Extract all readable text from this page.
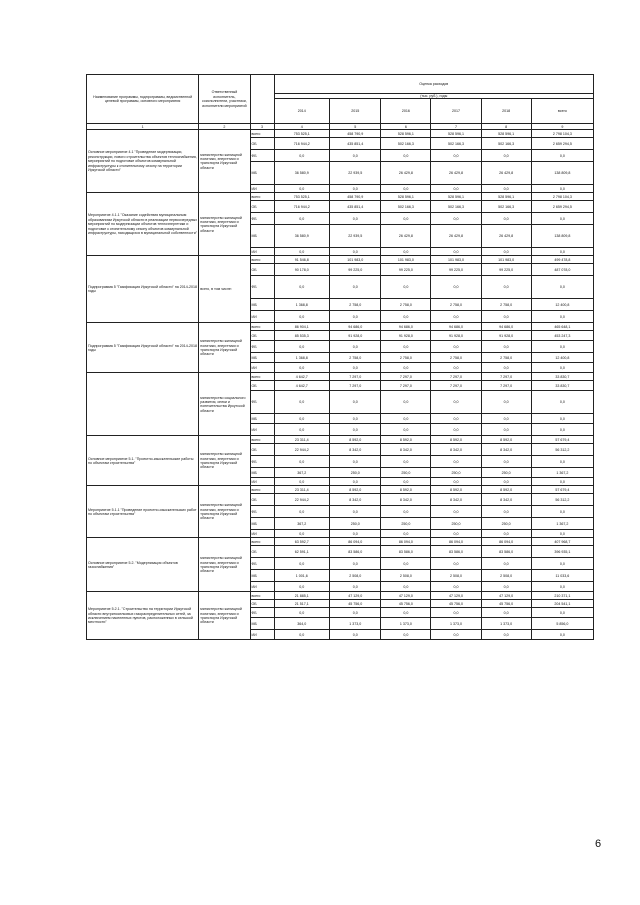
Наименование программы, подпрограммы, ведомственной целевой программы, основного мероприятия	Ответственный исполнитель, соисполнители, участники, исполнители мероприятий		Оценка расходов					
			(тыс. руб.), годы					
			2014	2015	2016	2017	2018	всего
1	2	3	4	5	6	7	8	9
Основное мероприятие 4.1 "Проведение модернизации, реконструкции, нового строительства объектов теплоснабжения, мероприятий по подготовке объектов коммунальной инфраструктуры к отопительному сезону на территории Иркутской области"	министерство жилищной политики, энергетики и транспорта Иркутской области	всего	753 525,1	458 790,9	528 596,1	528 596,1	528 596,1	2 798 104,3
		ОБ	716 944,2	435 851,4	502 166,3	502 166,3	502 166,3	2 659 294,5
		ФБ	0,0	0,0	0,0	0,0	0,0	0,0
		МБ	36 580,9	22 939,5	26 429,8	26 429,8	26 429,8	138 809,8
		ИИ	0,0	0,0	0,0	0,0	0,0	0,0
Мероприятие 4.1.1 "Оказание содействия муниципальным образованиям Иркутской области в реализации первоочередных мероприятий по модернизации объектов теплоэнергетики и подготовке к отопительному сезону объектов коммунальной инфраструктуры, находящихся в муниципальной собственности"	министерство жилищной политики, энергетики и транспорта Иркутской области	всего	753 525,1	458 790,9	528 596,1	528 596,1	528 596,1	2 798 104,3
		ОБ	716 944,2	435 851,4	502 166,3	502 166,3	502 166,3	2 659 294,5
		ФБ	0,0	0,0	0,0	0,0	0,0	0,0
		МБ	36 580,9	22 939,5	26 429,8	26 429,8	26 429,8	138 809,8
		ИИ	0,0	0,0	0,0	0,0	0,0	0,0
Подпрограмма 5 "Газификация Иркутской области" на 2014-2018 годы	всего, в том числе:	всего	91 546,8	101 983,0	101 983,0	101 983,0	101 983,0	499 478,8
		ОБ	90 178,0	99 225,0	99 225,0	99 225,0	99 225,0	487 078,0
		ФБ	0,0	0,0	0,0	0,0	0,0	0,0
		МБ	1 368,8	2 758,0	2 758,0	2 758,0	2 758,0	12 400,8
		ИИ	0,0	0,0	0,0	0,0	0,0	0,0
Подпрограмма 5 "Газификация Иркутской области" на 2014-2018 годы	министерство жилищной политики, энергетики и транспорта Иркутской области	всего	86 904,1	94 686,0	94 686,0	94 686,0	94 686,0	465 648,1
		ОБ	85 535,3	91 928,0	91 928,0	91 928,0	91 928,0	453 247,3
		ФБ	0,0	0,0	0,0	0,0	0,0	0,0
		МБ	1 368,8	2 758,0	2 758,0	2 758,0	2 758,0	12 400,8
		ИИ	0,0	0,0	0,0	0,0	0,0	0,0
	министерство социального развития, опеки и попечительства Иркутской области	всего	4 642,7	7 297,0	7 297,0	7 297,0	7 297,0	33 830,7
		ОБ	4 642,7	7 297,0	7 297,0	7 297,0	7 297,0	33 830,7
		ФБ	0,0	0,0	0,0	0,0	0,0	0,0
		МБ	0,0	0,0	0,0	0,0	0,0	0,0
		ИИ	0,0	0,0	0,0	0,0	0,0	0,0
Основное мероприятие 5.1. "Проектно-изыскательские работы по объектам строительства"	министерство жилищной политики, энергетики и транспорта Иркутской области	всего	23 311,4	8 592,0	8 592,0	8 592,0	8 592,0	57 679,4
		ОБ	22 944,2	8 342,0	8 342,0	8 342,0	8 342,0	56 312,2
		ФБ	0,0	0,0	0,0	0,0	0,0	0,0
		МБ	367,2	250,0	250,0	250,0	250,0	1 367,2
		ИИ	0,0	0,0	0,0	0,0	0,0	0,0
Мероприятие 5.1.1 "Проведение проектно-изыскательских работ по объектам строительства"	министерство жилищной политики, энергетики и транспорта Иркутской области	всего	23 311,4	8 592,0	8 592,0	8 592,0	8 592,0	57 679,4
		ОБ	22 944,2	8 342,0	8 342,0	8 342,0	8 342,0	56 312,2
		ФБ	0,0	0,0	0,0	0,0	0,0	0,0
		МБ	367,2	250,0	250,0	250,0	250,0	1 367,2
		ИИ	0,0	0,0	0,0	0,0	0,0	0,0
Основное мероприятие 5.2. "Модернизация объектов газоснабжения"	министерство жилищной политики, энергетики и транспорта Иркутской области	всего	63 592,7	86 094,0	86 094,0	86 094,0	86 094,0	407 968,7
		ОБ	62 591,1	83 586,0	83 586,0	83 586,0	83 586,0	396 935,1
		ФБ	0,0	0,0	0,0	0,0	0,0	0,0
		МБ	1 001,6	2 508,0	2 508,0	2 508,0	2 508,0	11 033,6
		ИИ	0,0	0,0	0,0	0,0	0,0	0,0
Мероприятие 5.2.1. "Строительство на территории Иркутской области внутрипоселковых газораспределительных сетей, за исключением населенных пунктов, расположенных в сельской местности"	министерство жилищной политики, энергетики и транспорта Иркутской области	всего	21 885,1	47 129,0	47 129,0	47 129,0	47 129,0	210 371,1
		ОБ	21 517,1	45 756,0	45 756,0	45 756,0	45 756,0	204 541,1
		ФБ	0,0	0,0	0,0	0,0	0,0	0,0
		МБ	364,0	1 373,0	1 373,0	1 373,0	1 373,0	5 856,0
		ИИ	0,0	0,0	0,0	0,0	0,0	0,0
6
